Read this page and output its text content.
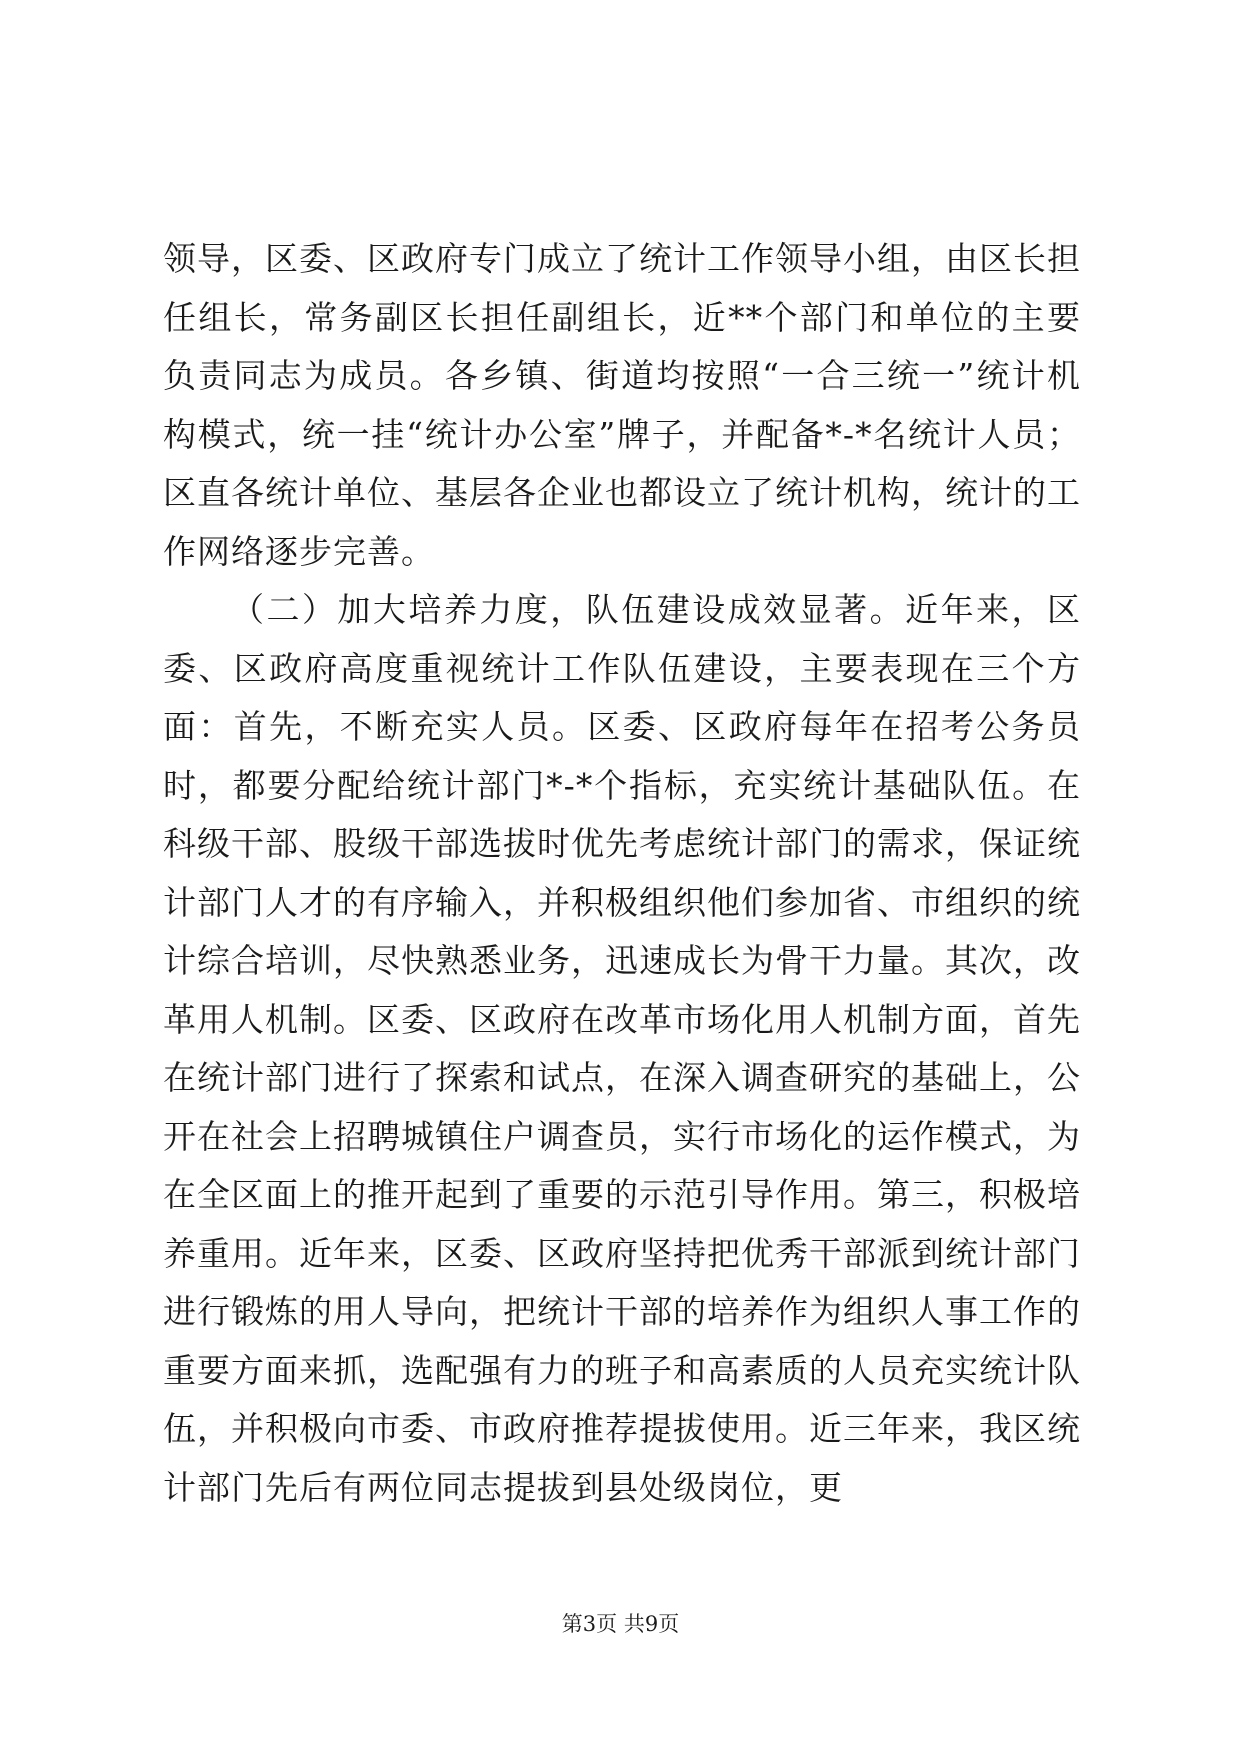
领导，区委、区政府专门成立了统计工作领导小组，由区长担任组长，常务副区长担任副组长，近**个部门和单位的主要负责同志为成员。各乡镇、街道均按照“一合三统一”统计机构模式，统一挂“统计办公室”牌子，并配备*-*名统计人员；区直各统计单位、基层各企业也都设立了统计机构，统计的工作网络逐步完善。

（二）加大培养力度，队伍建设成效显著。近年来，区委、区政府高度重视统计工作队伍建设，主要表现在三个方面：首先，不断充实人员。区委、区政府每年在招考公务员时，都要分配给统计部门*-*个指标，充实统计基础队伍。在科级干部、股级干部选拔时优先考虑统计部门的需求，保证统计部门人才的有序输入，并积极组织他们参加省、市组织的统计综合培训，尽快熟悉业务，迅速成长为骨干力量。其次，改革用人机制。区委、区政府在改革市场化用人机制方面，首先在统计部门进行了探索和试点，在深入调查研究的基础上，公开在社会上招聘城镇住户调查员，实行市场化的运作模式，为在全区面上的推开起到了重要的示范引导作用。第三，积极培养重用。近年来，区委、区政府坚持把优秀干部派到统计部门进行锻炼的用人导向，把统计干部的培养作为组织人事工作的重要方面来抓，选配强有力的班子和高素质的人员充实统计队伍，并积极向市委、市政府推荐提拔使用。近三年来，我区统计部门先后有两位同志提拔到县处级岗位，更

第3页 共9页
